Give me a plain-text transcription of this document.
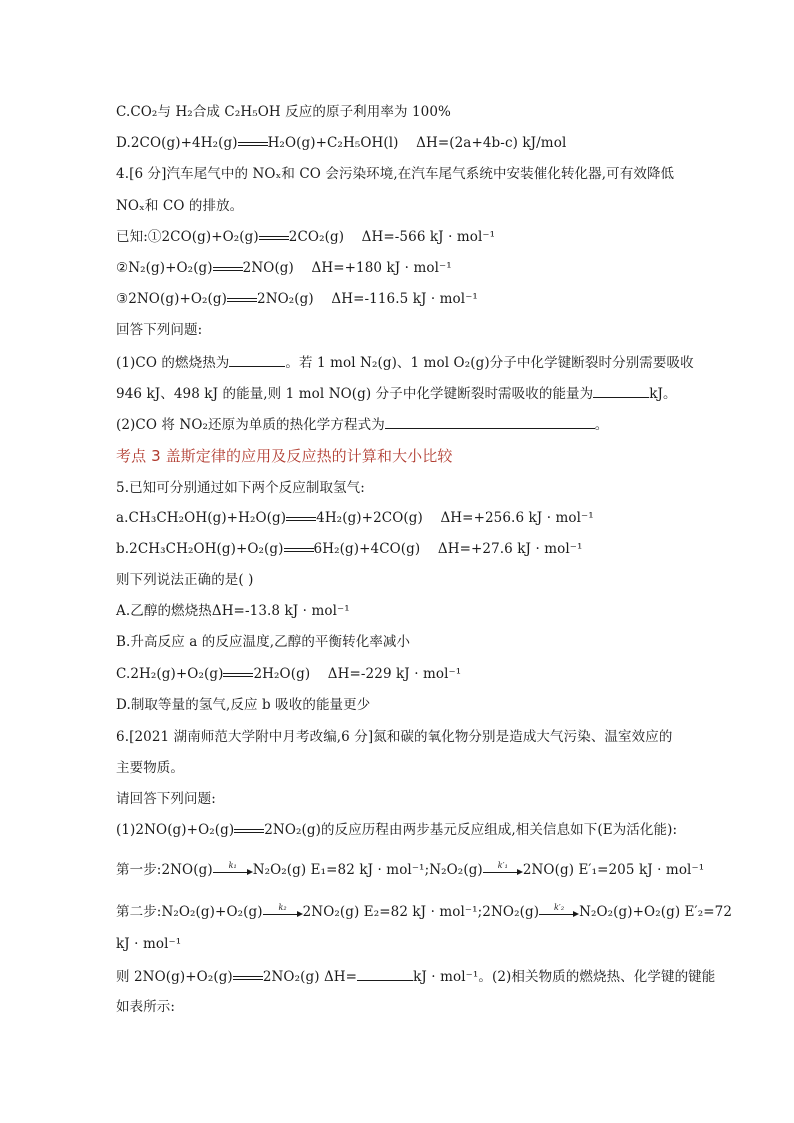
C.CO₂与 H₂合成 C₂H₅OH 反应的原子利用率为 100%
D.2CO(g)+4H₂(g) H₂O(g)+C₂H₅OH(l) ΔH=(2a+4b-c) kJ/mol
4.[6 分]汽车尾气中的 NOₓ和 CO 会污染环境,在汽车尾气系统中安装催化转化器,可有效降低
NOₓ和 CO 的排放。
已知:①2CO(g)+O₂(g) 2CO₂(g) ΔH=-566 kJ · mol⁻¹
②N₂(g)+O₂(g) 2NO(g) ΔH=+180 kJ · mol⁻¹
③2NO(g)+O₂(g) 2NO₂(g) ΔH=-116.5 kJ · mol⁻¹
回答下列问题:
(1)CO 的燃烧热为	。若 1 mol N₂(g)、1 mol O₂(g)分子中化学键断裂时分别需要吸收
946 kJ、498 kJ 的能量,则 1 mol NO(g) 分子中化学键断裂时需吸收的能量为	kJ。
(2)CO 将 NO₂还原为单质的热化学方程式为	。
考点 3 盖斯定律的应用及反应热的计算和大小比较
5.已知可分别通过如下两个反应制取氢气:
a.CH₃CH₂OH(g)+H₂O(g) 4H₂(g)+2CO(g) ΔH=+256.6 kJ · mol⁻¹
b.2CH₃CH₂OH(g)+O₂(g) 6H₂(g)+4CO(g) ΔH=+27.6 kJ · mol⁻¹
则下列说法正确的是( )
A.乙醇的燃烧热ΔH=-13.8 kJ · mol⁻¹
B.升高反应 a 的反应温度,乙醇的平衡转化率减小
C.2H₂(g)+O₂(g) 2H₂O(g) ΔH=-229 kJ · mol⁻¹
D.制取等量的氢气,反应 b 吸收的能量更少
6.[2021 湖南师范大学附中月考改编,6 分]氮和碳的氧化物分别是造成大气污染、温室效应的
主要物质。
请回答下列问题:
(1)2NO(g)+O₂(g) 2NO₂(g)的反应历程由两步基元反应组成,相关信息如下(E为活化能):
第一步:2NO(g)	k₁	N₂O₂(g) E₁=82 kJ · mol⁻¹;N₂O₂(g)	k′₁	2NO(g) E′₁=205 kJ · mol⁻¹
第二步:N₂O₂(g)+O₂(g)	k₂	2NO₂(g) E₂=82 kJ · mol⁻¹;2NO₂(g)	k′₂	N₂O₂(g)+O₂(g) E′₂=72
kJ · mol⁻¹
则 2NO(g)+O₂(g) 2NO₂(g) ΔH=	kJ · mol⁻¹。(2)相关物质的燃烧热、化学键的键能
如表所示:
